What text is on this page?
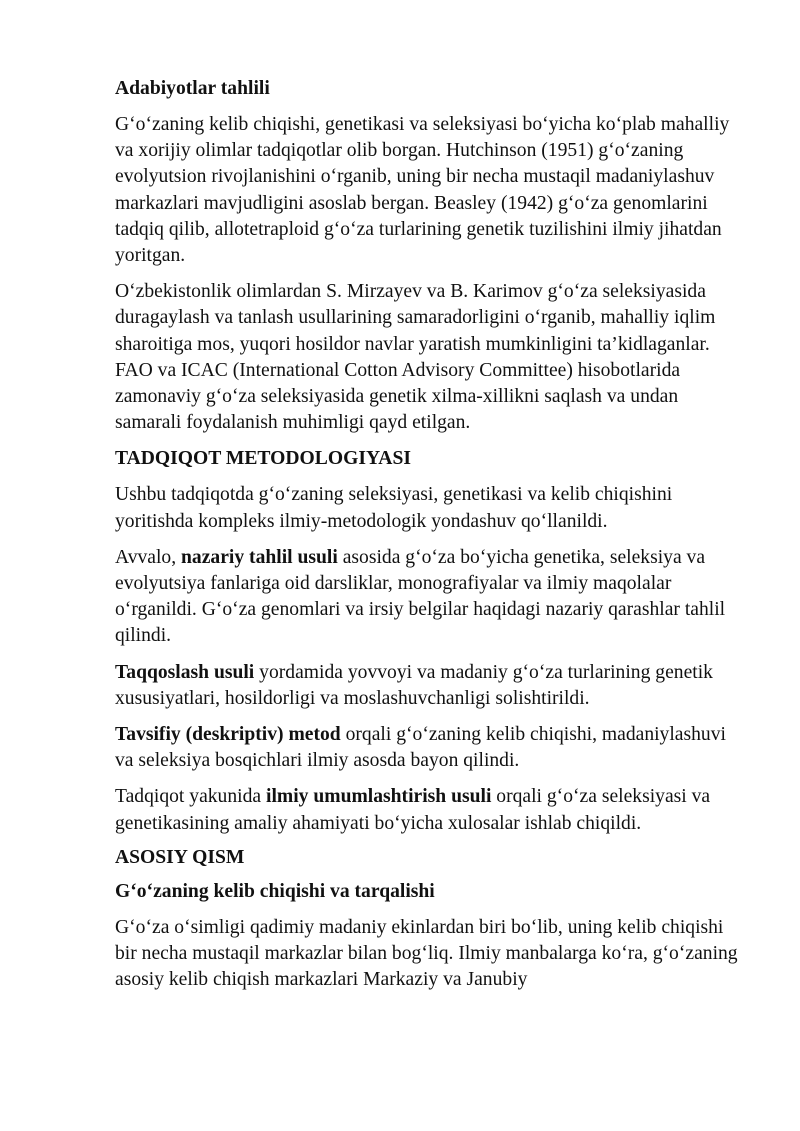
Adabiyotlar tahlili

G‘o‘zaning kelib chiqishi, genetikasi va seleksiyasi bo‘yicha ko‘plab mahalliy va xorijiy olimlar tadqiqotlar olib borgan. Hutchinson (1951) g‘o‘zaning evolyutsion rivojlanishini o‘rganib, uning bir necha mustaqil madaniylashuv markazlari mavjudligini asoslab bergan. Beasley (1942) g‘o‘za genomlarini tadqiq qilib, allotetraploid g‘o‘za turlarining genetik tuzilishini ilmiy jihatdan yoritgan.

O‘zbekistonlik olimlardan S. Mirzayev va B. Karimov g‘o‘za seleksiyasida duragaylash va tanlash usullarining samaradorligini o‘rganib, mahalliy iqlim sharoitiga mos, yuqori hosildor navlar yaratish mumkinligini ta’kidlaganlar. FAO va ICAC (International Cotton Advisory Committee) hisobotlarida zamonaviy g‘o‘za seleksiyasida genetik xilma-xillikni saqlash va undan samarali foydalanish muhimligi qayd etilgan.

TADQIQOT METODOLOGIYASI

Ushbu tadqiqotda g‘o‘zaning seleksiyasi, genetikasi va kelib chiqishini yoritishda kompleks ilmiy-metodologik yondashuv qo‘llanildi.

Avvalo, nazariy tahlil usuli asosida g‘o‘za bo‘yicha genetika, seleksiya va evolyutsiya fanlariga oid darsliklar, monografiyalar va ilmiy maqolalar o‘rganildi. G‘o‘za genomlari va irsiy belgilar haqidagi nazariy qarashlar tahlil qilindi.

Taqqoslash usuli yordamida yovvoyi va madaniy g‘o‘za turlarining genetik xususiyatlari, hosildorligi va moslashuvchanligi solishtirildi.

Tavsifiy (deskriptiv) metod orqali g‘o‘zaning kelib chiqishi, madaniylashuvi va seleksiya bosqichlari ilmiy asosda bayon qilindi.

Tadqiqot yakunida ilmiy umumlashtirish usuli orqali g‘o‘za seleksiyasi va genetikasining amaliy ahamiyati bo‘yicha xulosalar ishlab chiqildi.

ASOSIY QISM
G‘o‘zaning kelib chiqishi va tarqalishi

G‘o‘za o‘simligi qadimiy madaniy ekinlardan biri bo‘lib, uning kelib chiqishi bir necha mustaqil markazlar bilan bog‘liq. Ilmiy manbalarga ko‘ra, g‘o‘zaning asosiy kelib chiqish markazlari Markaziy va Janubiy
